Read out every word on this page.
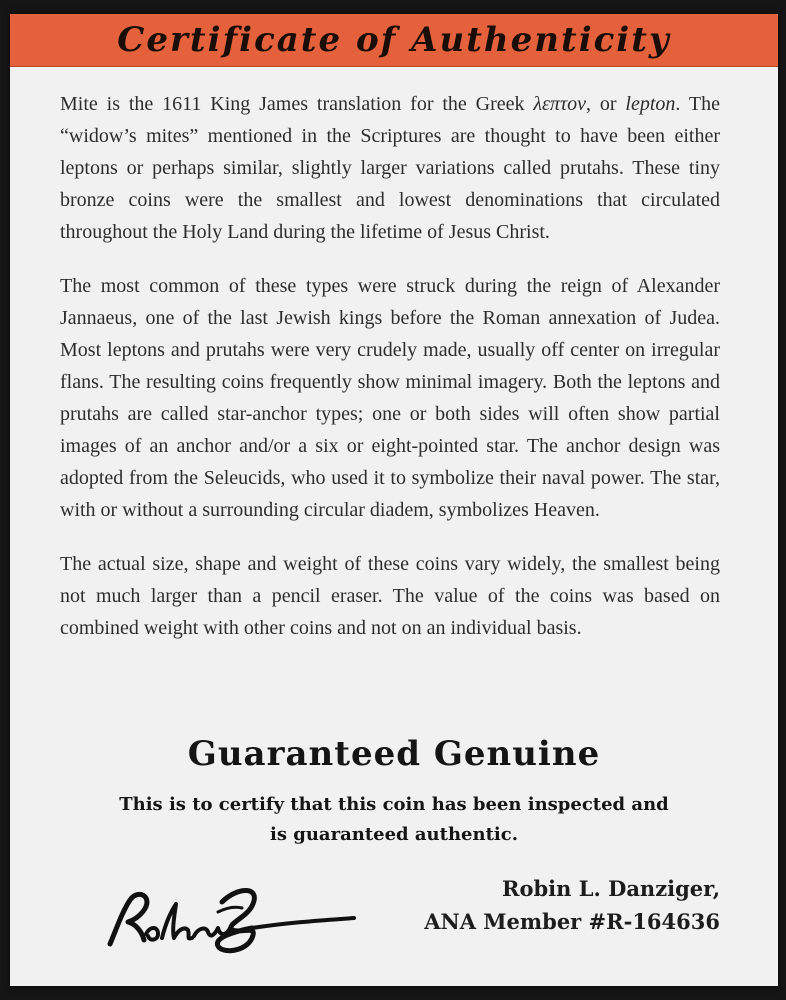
Certificate of Authenticity

Mite is the 1611 King James translation for the Greek λεπτον, or lepton. The “widow’s mites” mentioned in the Scriptures are thought to have been either leptons or perhaps similar, slightly larger variations called prutahs. These tiny bronze coins were the smallest and lowest denominations that circulated throughout the Holy Land during the lifetime of Jesus Christ.

The most common of these types were struck during the reign of Alexander Jannaeus, one of the last Jewish kings before the Roman annexation of Judea. Most leptons and prutahs were very crudely made, usually off center on irregular flans. The resulting coins frequently show minimal imagery. Both the leptons and prutahs are called star-anchor types; one or both sides will often show partial images of an anchor and/or a six or eight-pointed star. The anchor design was adopted from the Seleucids, who used it to symbolize their naval power. The star, with or without a surrounding circular diadem, symbolizes Heaven.

The actual size, shape and weight of these coins vary widely, the smallest being not much larger than a pencil eraser. The value of the coins was based on combined weight with other coins and not on an individual basis.

Guaranteed Genuine
This is to certify that this coin has been inspected and
is guaranteed authentic.
Robin L. Danziger,
ANA Member #R-164636
